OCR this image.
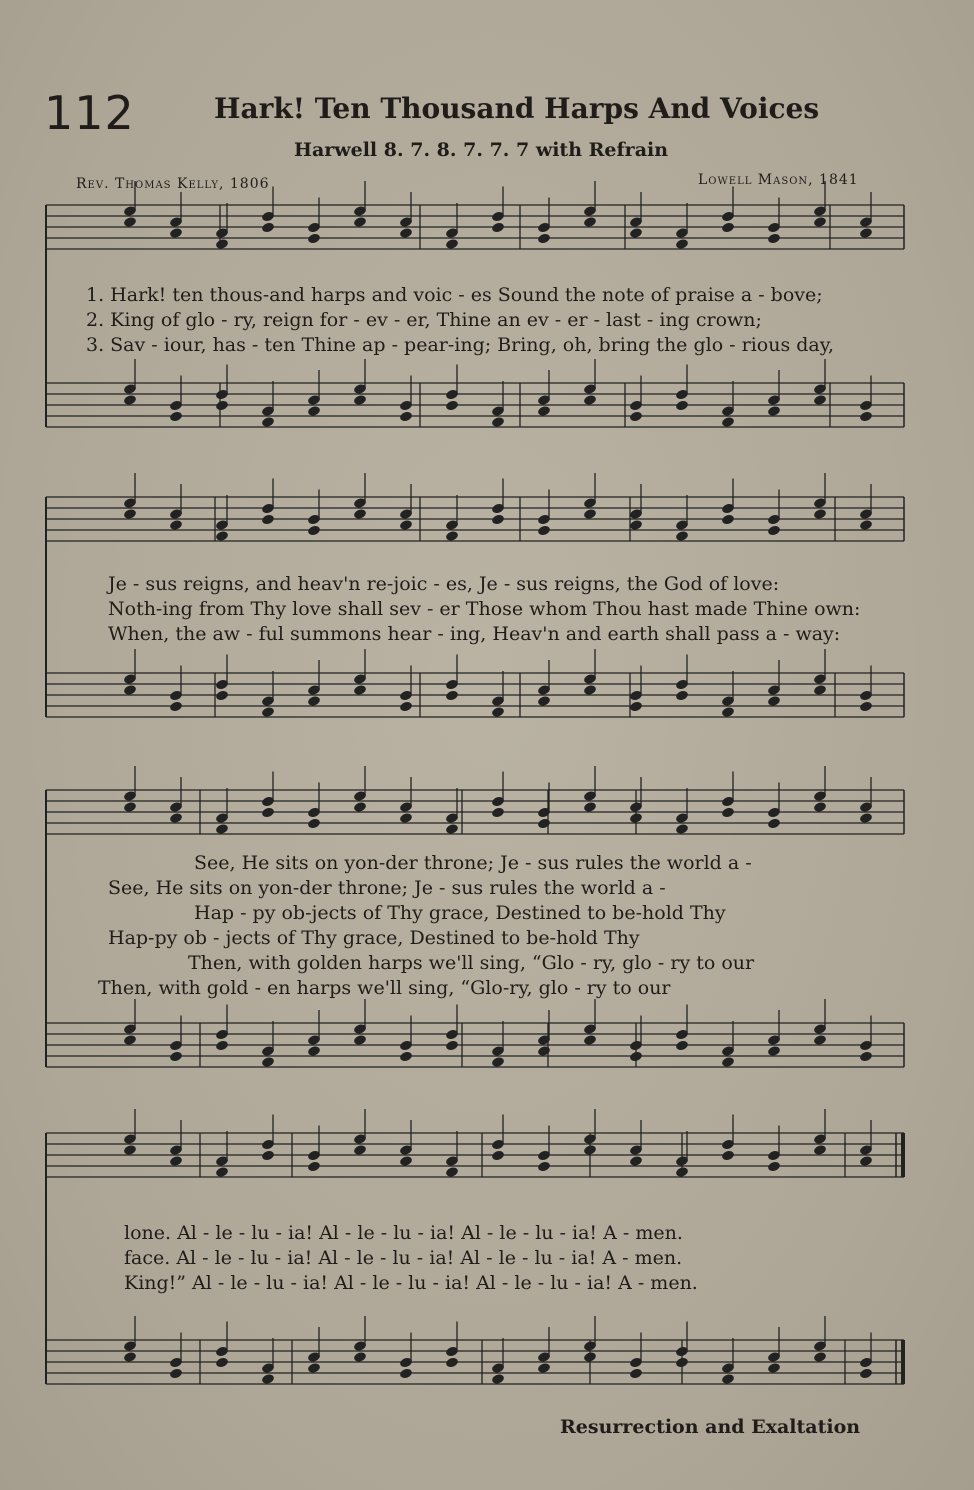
112	Hark! Ten Thousand Harps And Voices
Harwell 8. 7. 8. 7. 7. 7 with Refrain
Rev. Thomas Kelly, 1806	Lowell Mason, 1841
1. Hark! ten thous-and harps and voic - es Sound the note of praise a - bove;
2. King of glo - ry, reign for - ev - er, Thine an ev - er - last - ing crown;
3. Sav - iour, has - ten Thine ap - pear-ing; Bring, oh, bring the glo - rious day,
Je - sus reigns, and heav'n re-joic - es, Je - sus reigns, the God of love:
Noth-ing from Thy love shall sev - er Those whom Thou hast made Thine own:
When, the aw - ful summons hear - ing, Heav'n and earth shall pass a - way:
See, He sits on yon-der throne; Je - sus rules the world a -
See, He sits on yon-der throne; Je - sus rules the world a -
Hap - py ob-jects of Thy grace, Destined to be-hold Thy
Hap-py ob - jects of Thy grace, Destined to be-hold Thy
Then, with golden harps we'll sing, “Glo - ry, glo - ry to our
Then, with gold - en harps we'll sing, “Glo-ry, glo - ry to our
lone. Al - le - lu - ia! Al - le - lu - ia! Al - le - lu - ia! A - men.
face. Al - le - lu - ia! Al - le - lu - ia! Al - le - lu - ia! A - men.
King!” Al - le - lu - ia! Al - le - lu - ia! Al - le - lu - ia! A - men.
Resurrection and Exaltation
